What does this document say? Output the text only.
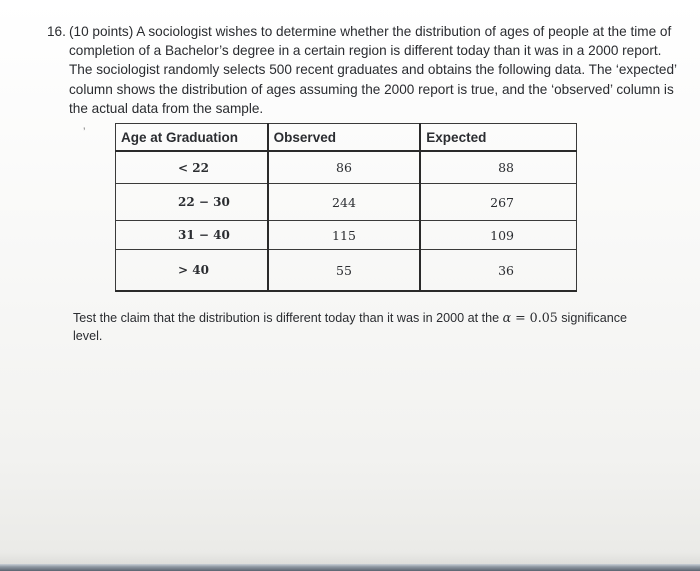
16. (10 points) A sociologist wishes to determine whether the distribution of ages of people at the time of completion of a Bachelor’s degree in a certain region is different today than it was in a 2000 report. The sociologist randomly selects 500 recent graduates and obtains the following data. The ‘expected’ column shows the distribution of ages assuming the 2000 report is true, and the ‘observed’ column is the actual data from the sample.
’	Age at Graduation	Observed	Expected
< 22	86	88
22 − 30	244	267
31 − 40	115	109
> 40	55	36
Test the claim that the distribution is different today than it was in 2000 at the α = 0.05 significance level.
